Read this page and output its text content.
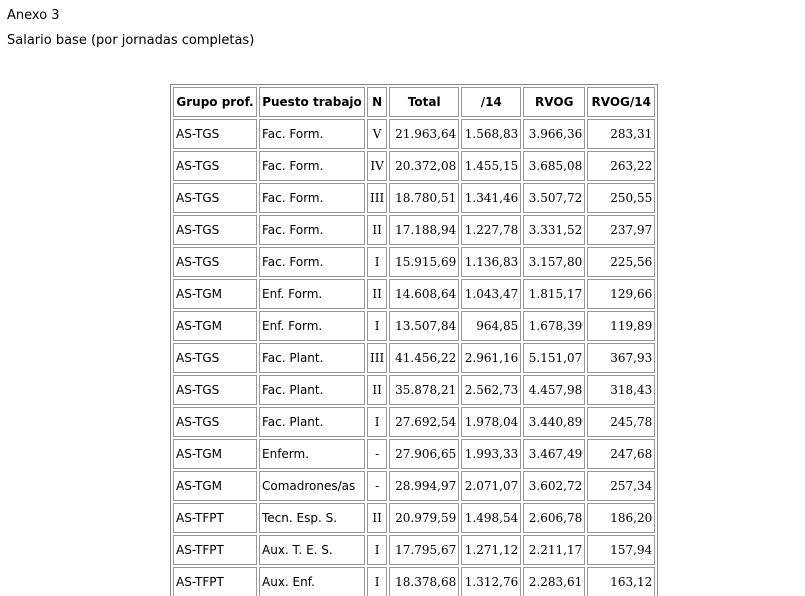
Anexo 3
Salario base (por jornadas completas)
Grupo prof.	Puesto trabajo	N	Total	/14	RVOG	RVOG/14
AS-TGS	Fac. Form.	V	21.963,64	1.568,83	3.966,36	283,31
AS-TGS	Fac. Form.	IV	20.372,08	1.455,15	3.685,08	263,22
AS-TGS	Fac. Form.	III	18.780,51	1.341,46	3.507,72	250,55
AS-TGS	Fac. Form.	II	17.188,94	1.227,78	3.331,52	237,97
AS-TGS	Fac. Form.	I	15.915,69	1.136,83	3.157,80	225,56
AS-TGM	Enf. Form.	II	14.608,64	1.043,47	1.815,17	129,66
AS-TGM	Enf. Form.	I	13.507,84	964,85	1.678,39	119,89
AS-TGS	Fac. Plant.	III	41.456,22	2.961,16	5.151,07	367,93
AS-TGS	Fac. Plant.	II	35.878,21	2.562,73	4.457,98	318,43
AS-TGS	Fac. Plant.	I	27.692,54	1.978,04	3.440,89	245,78
AS-TGM	Enferm.	-	27.906,65	1.993,33	3.467,49	247,68
AS-TGM	Comadrones/as	-	28.994,97	2.071,07	3.602,72	257,34
AS-TFPT	Tecn. Esp. S.	II	20.979,59	1.498,54	2.606,78	186,20
AS-TFPT	Aux. T. E. S.	I	17.795,67	1.271,12	2.211,17	157,94
AS-TFPT	Aux. Enf.	I	18.378,68	1.312,76	2.283,61	163,12
